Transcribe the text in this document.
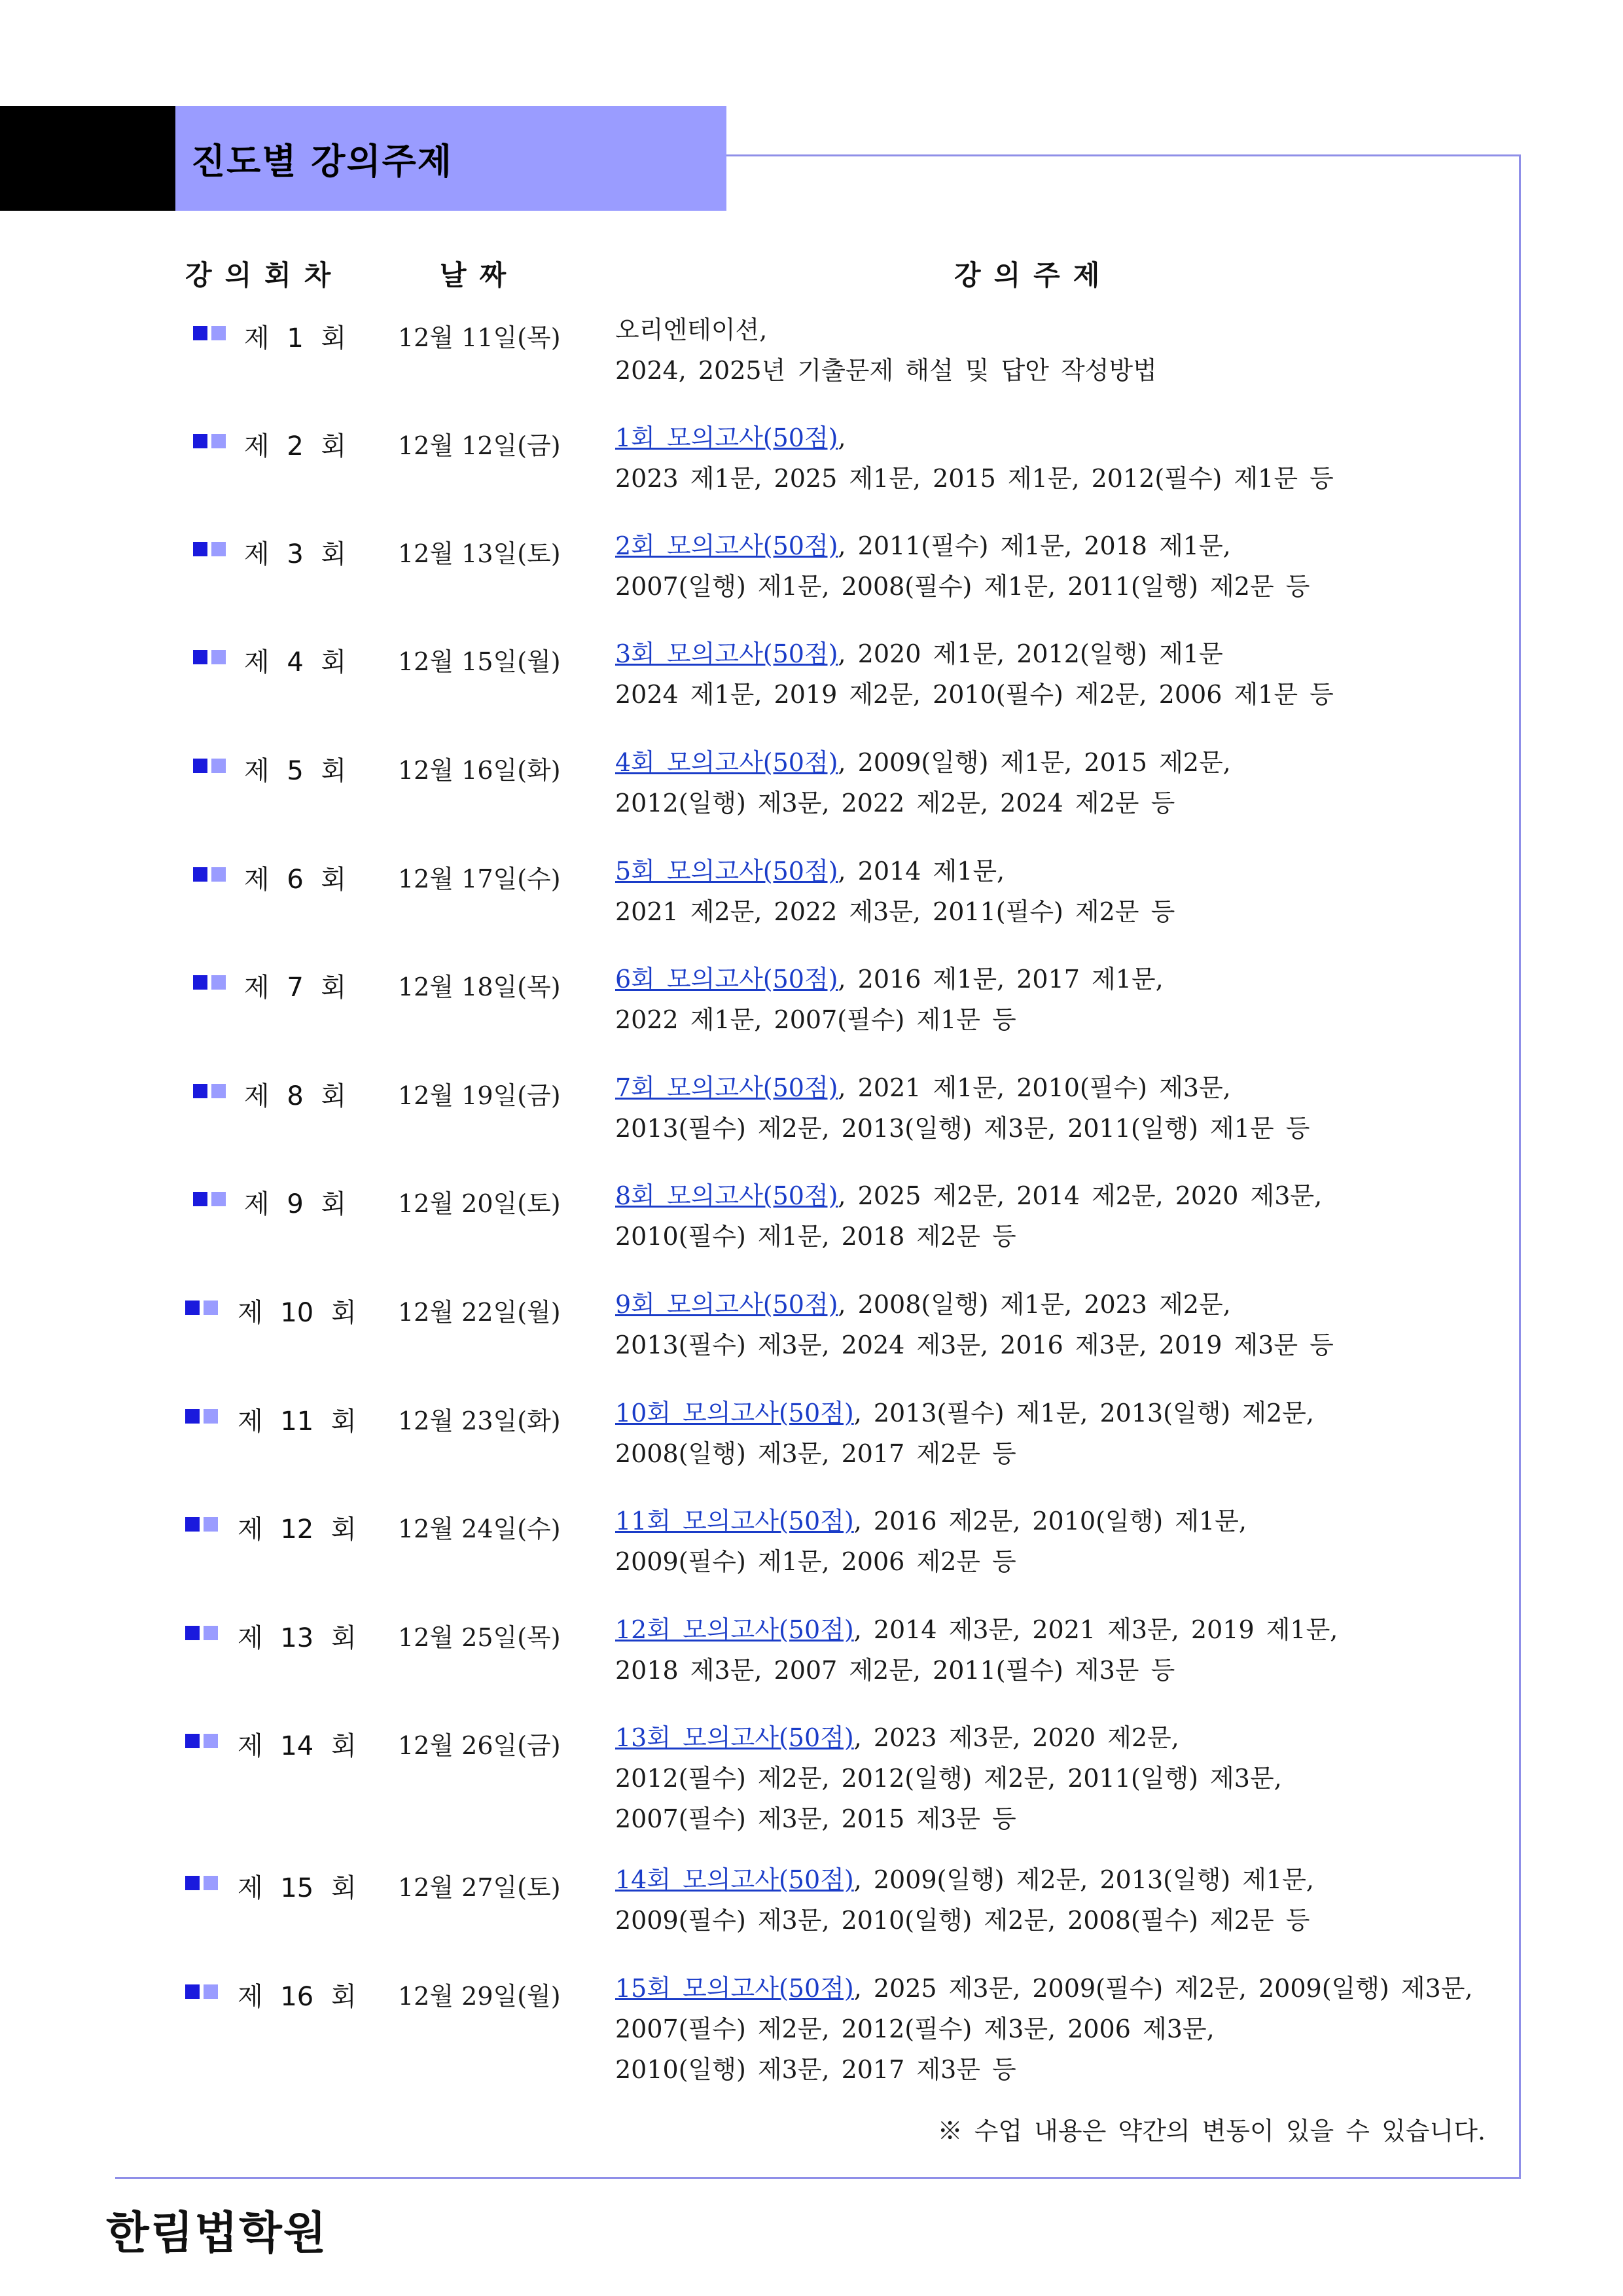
진도별 강의주제
강의회차	날짜	강의주제
제 1 회 12월 11일(목) 오리엔테이션,
2024, 2025년 기출문제 해설 및 답안 작성방법
제 2 회 12월 12일(금) 1회 모의고사(50점),
2023 제1문, 2025 제1문, 2015 제1문, 2012(필수) 제1문 등
제 3 회 12월 13일(토) 2회 모의고사(50점), 2011(필수) 제1문, 2018 제1문,
2007(일행) 제1문, 2008(필수) 제1문, 2011(일행) 제2문 등
제 4 회 12월 15일(월) 3회 모의고사(50점), 2020 제1문, 2012(일행) 제1문
2024 제1문, 2019 제2문, 2010(필수) 제2문, 2006 제1문 등
제 5 회 12월 16일(화) 4회 모의고사(50점), 2009(일행) 제1문, 2015 제2문,
2012(일행) 제3문, 2022 제2문, 2024 제2문 등
제 6 회 12월 17일(수) 5회 모의고사(50점), 2014 제1문,
2021 제2문, 2022 제3문, 2011(필수) 제2문 등
제 7 회 12월 18일(목) 6회 모의고사(50점), 2016 제1문, 2017 제1문,
2022 제1문, 2007(필수) 제1문 등
제 8 회 12월 19일(금) 7회 모의고사(50점), 2021 제1문, 2010(필수) 제3문,
2013(필수) 제2문, 2013(일행) 제3문, 2011(일행) 제1문 등
제 9 회 12월 20일(토) 8회 모의고사(50점), 2025 제2문, 2014 제2문, 2020 제3문,
2010(필수) 제1문, 2018 제2문 등
제 10 회 12월 22일(월) 9회 모의고사(50점), 2008(일행) 제1문, 2023 제2문,
2013(필수) 제3문, 2024 제3문, 2016 제3문, 2019 제3문 등
제 11 회 12월 23일(화) 10회 모의고사(50점), 2013(필수) 제1문, 2013(일행) 제2문,
2008(일행) 제3문, 2017 제2문 등
제 12 회 12월 24일(수) 11회 모의고사(50점), 2016 제2문, 2010(일행) 제1문,
2009(필수) 제1문, 2006 제2문 등
제 13 회 12월 25일(목) 12회 모의고사(50점), 2014 제3문, 2021 제3문, 2019 제1문,
2018 제3문, 2007 제2문, 2011(필수) 제3문 등
제 14 회 12월 26일(금) 13회 모의고사(50점), 2023 제3문, 2020 제2문,
2012(필수) 제2문, 2012(일행) 제2문, 2011(일행) 제3문,
2007(필수) 제3문, 2015 제3문 등
제 15 회 12월 27일(토) 14회 모의고사(50점), 2009(일행) 제2문, 2013(일행) 제1문,
2009(필수) 제3문, 2010(일행) 제2문, 2008(필수) 제2문 등
제 16 회 12월 29일(월) 15회 모의고사(50점), 2025 제3문, 2009(필수) 제2문, 2009(일행) 제3문,
2007(필수) 제2문, 2012(필수) 제3문, 2006 제3문,
2010(일행) 제3문, 2017 제3문 등
※ 수업 내용은 약간의 변동이 있을 수 있습니다.
한림법학원
